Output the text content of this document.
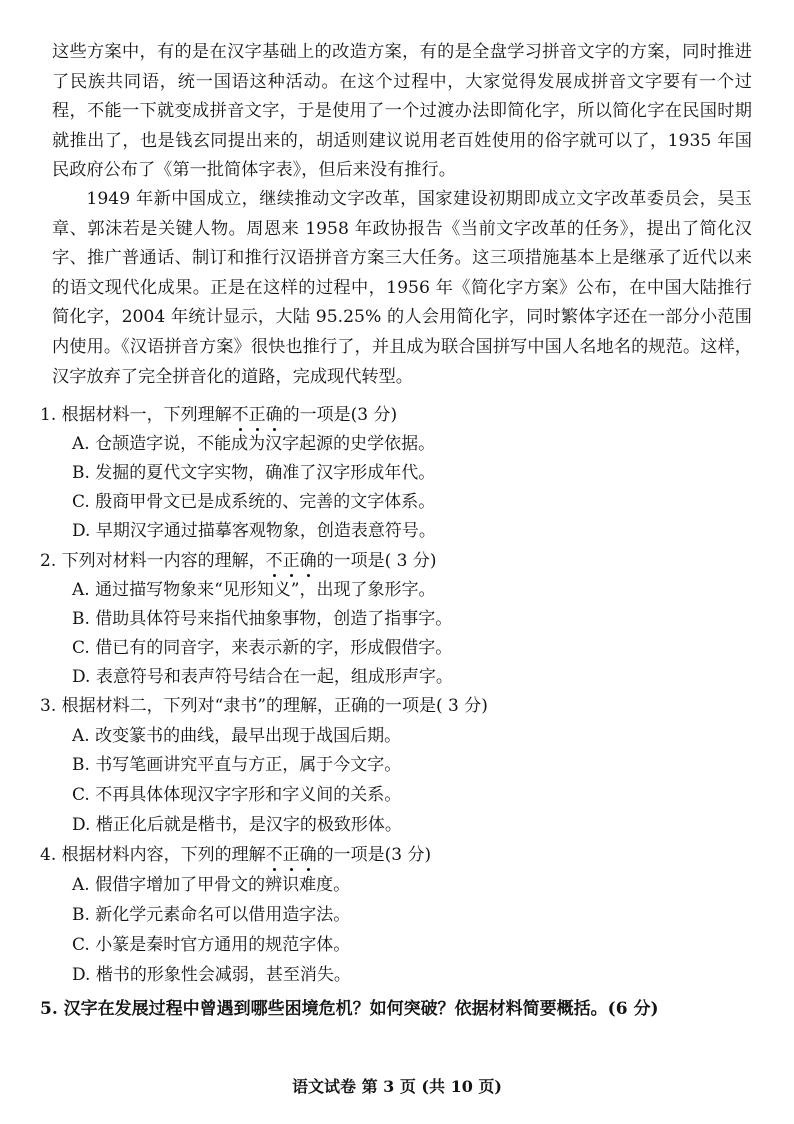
这些方案中，有的是在汉字基础上的改造方案，有的是全盘学习拼音文字的方案，同时推进了民族共同语，统一国语这种活动。在这个过程中，大家觉得发展成拼音文字要有一个过程，不能一下就变成拼音文字，于是使用了一个过渡办法即简化字，所以简化字在民国时期就推出了，也是钱玄同提出来的，胡适则建议说用老百姓使用的俗字就可以了，1935 年国民政府公布了《第一批简体字表》，但后来没有推行。

1949 年新中国成立，继续推动文字改革，国家建设初期即成立文字改革委员会，吴玉章、郭沫若是关键人物。周恩来 1958 年政协报告《当前文字改革的任务》，提出了简化汉字、推广普通话、制订和推行汉语拼音方案三大任务。这三项措施基本上是继承了近代以来的语文现代化成果。正是在这样的过程中，1956 年《简化字方案》公布，在中国大陆推行简化字，2004 年统计显示，大陆 95.25% 的人会用简化字，同时繁体字还在一部分小范围内使用。《汉语拼音方案》很快也推行了，并且成为联合国拼写中国人名地名的规范。这样，汉字放弃了完全拼音化的道路，完成现代转型。

1. 根据材料一，下列理解不正确的一项是(3 分)
A. 仓颉造字说，不能成为汉字起源的史学依据。
B. 发掘的夏代文字实物，确准了汉字形成年代。
C. 殷商甲骨文已是成系统的、完善的文字体系。
D. 早期汉字通过描摹客观物象，创造表意符号。
2. 下列对材料一内容的理解，不正确的一项是( 3 分)
A. 通过描写物象来“见形知义”，出现了象形字。
B. 借助具体符号来指代抽象事物，创造了指事字。
C. 借已有的同音字，来表示新的字，形成假借字。
D. 表意符号和表声符号结合在一起，组成形声字。
3. 根据材料二，下列对“隶书”的理解，正确的一项是( 3 分)
A. 改变篆书的曲线，最早出现于战国后期。
B. 书写笔画讲究平直与方正，属于今文字。
C. 不再具体体现汉字字形和字义间的关系。
D. 楷正化后就是楷书，是汉字的极致形体。
4. 根据材料内容，下列的理解不正确的一项是(3 分)
A. 假借字增加了甲骨文的辨识难度。
B. 新化学元素命名可以借用造字法。
C. 小篆是秦时官方通用的规范字体。
D. 楷书的形象性会减弱，甚至消失。
5. 汉字在发展过程中曾遇到哪些困境危机？如何突破？依据材料简要概括。(6 分)
语文试卷 第 3 页 (共 10 页)
